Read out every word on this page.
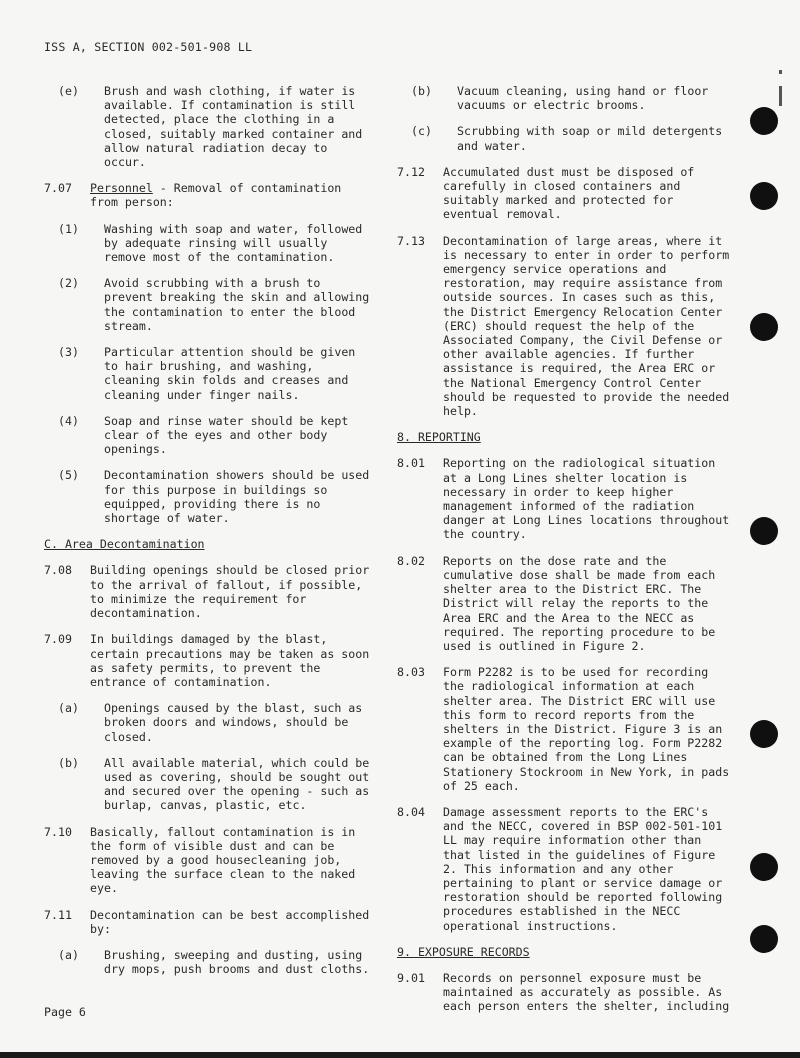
ISS A, SECTION 002-501-908 LL
(e) Brush and wash clothing, if water is available. If contamination is still detected, place the clothing in a closed, suitably marked container and allow natural radiation decay to occur.
7.07 Personnel - Removal of contamination from person:
(1) Washing with soap and water, followed by adequate rinsing will usually remove most of the contamination.
(2) Avoid scrubbing with a brush to prevent breaking the skin and allowing the contamination to enter the blood stream.
(3) Particular attention should be given to hair brushing, and washing, cleaning skin folds and creases and cleaning under finger nails.
(4) Soap and rinse water should be kept clear of the eyes and other body openings.
(5) Decontamination showers should be used for this purpose in buildings so equipped, providing there is no shortage of water.
C. Area Decontamination
7.08 Building openings should be closed prior to the arrival of fallout, if possible, to minimize the requirement for decontamination.
7.09 In buildings damaged by the blast, certain precautions may be taken as soon as safety permits, to prevent the entrance of contamination.
(a) Openings caused by the blast, such as broken doors and windows, should be closed.
(b) All available material, which could be used as covering, should be sought out and secured over the opening - such as burlap, canvas, plastic, etc.
7.10 Basically, fallout contamination is in the form of visible dust and can be removed by a good housecleaning job, leaving the surface clean to the naked eye.
7.11 Decontamination can be best accomplished by:
(a) Brushing, sweeping and dusting, using dry mops, push brooms and dust cloths.
(b) Vacuum cleaning, using hand or floor vacuums or electric brooms.
(c) Scrubbing with soap or mild detergents and water.
7.12 Accumulated dust must be disposed of carefully in closed containers and suitably marked and protected for eventual removal.
7.13 Decontamination of large areas, where it is necessary to enter in order to perform emergency service operations and restoration, may require assistance from outside sources. In cases such as this, the District Emergency Relocation Center (ERC) should request the help of the Associated Company, the Civil Defense or other available agencies. If further assistance is required, the Area ERC or the National Emergency Control Center should be requested to provide the needed help.
8. REPORTING
8.01 Reporting on the radiological situation at a Long Lines shelter location is necessary in order to keep higher management informed of the radiation danger at Long Lines locations throughout the country.
8.02 Reports on the dose rate and the cumulative dose shall be made from each shelter area to the District ERC. The District will relay the reports to the Area ERC and the Area to the NECC as required. The reporting procedure to be used is outlined in Figure 2.
8.03 Form P2282 is to be used for recording the radiological information at each shelter area. The District ERC will use this form to record reports from the shelters in the District. Figure 3 is an example of the reporting log. Form P2282 can be obtained from the Long Lines Stationery Stockroom in New York, in pads of 25 each.
8.04 Damage assessment reports to the ERC's and the NECC, covered in BSP 002-501-101 LL may require information other than that listed in the guidelines of Figure 2. This information and any other pertaining to plant or service damage or restoration should be reported following procedures established in the NECC operational instructions.
9. EXPOSURE RECORDS
9.01 Records on personnel exposure must be maintained as accurately as possible. As each person enters the shelter, including
Page 6
